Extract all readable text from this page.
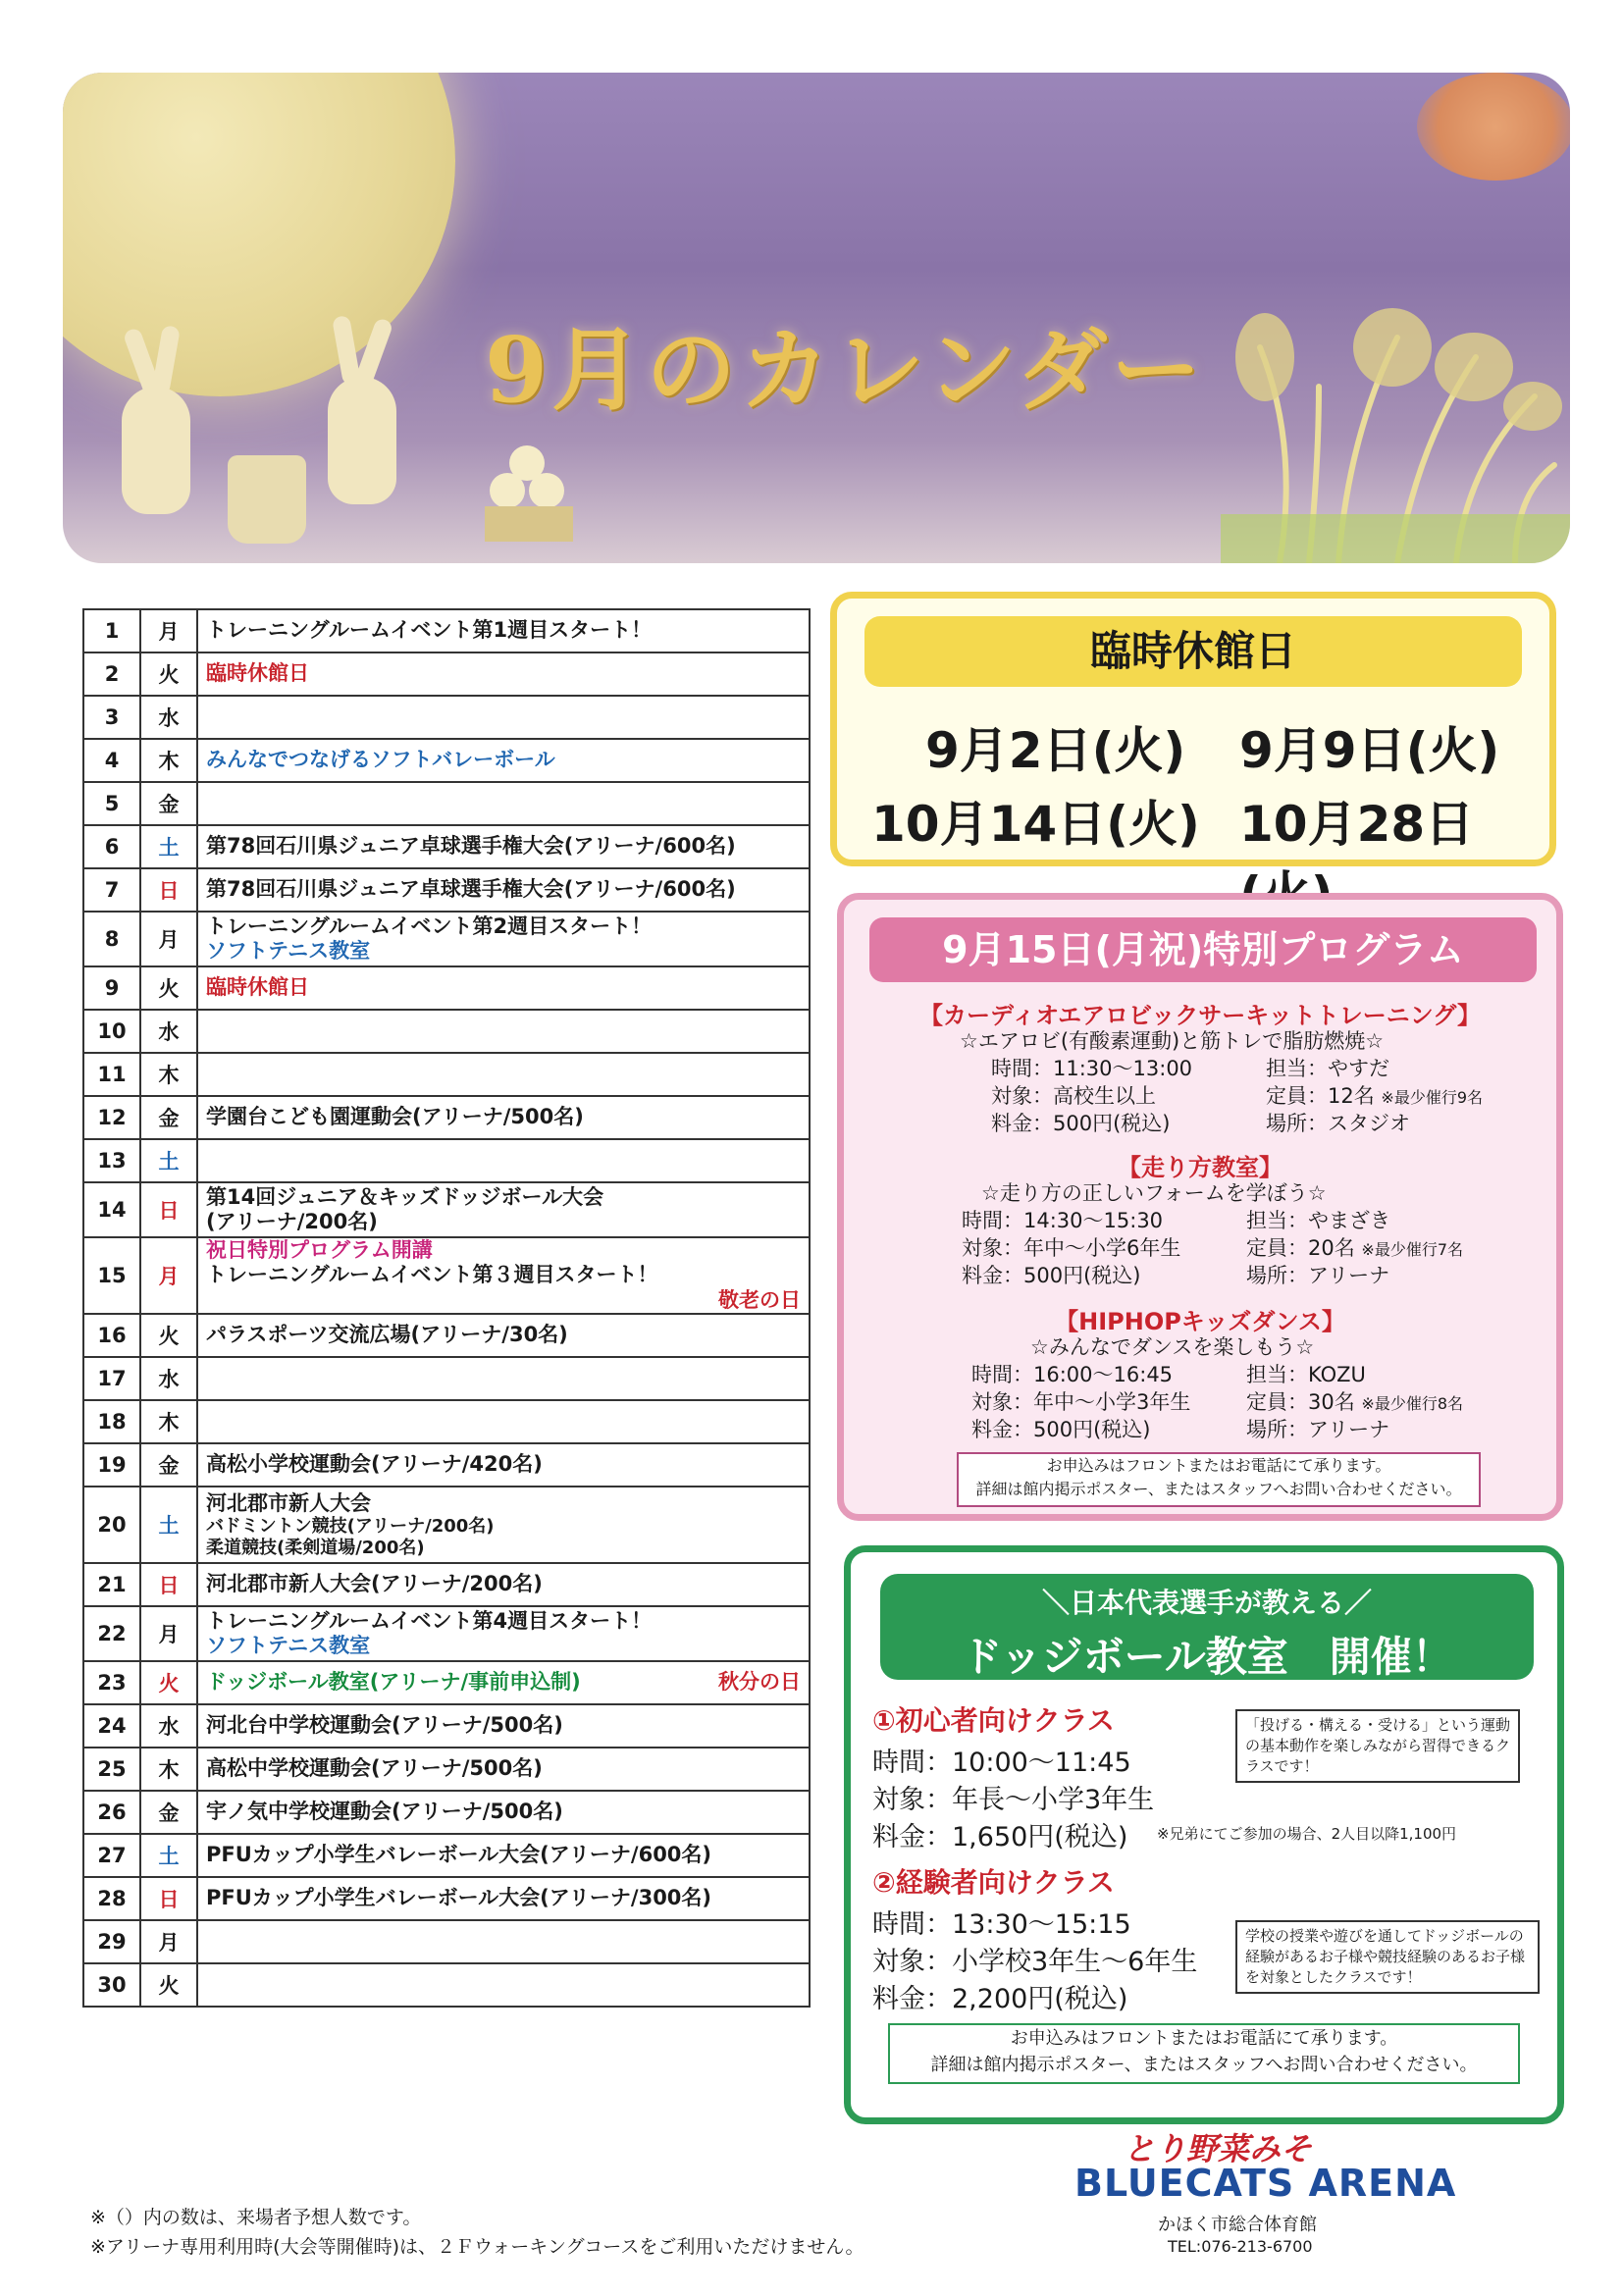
9月のカレンダー
1	月	トレーニングルームイベント第1週目スタート！

2	火	臨時休館日

3	水	
4	木	みんなでつなげるソフトバレーボール

5	金	
6	土	第78回石川県ジュニア卓球選手権大会(アリーナ/600名)

7	日	第78回石川県ジュニア卓球選手権大会(アリーナ/600名)

8	月	トレーニングルームイベント第2週目スタート！
ソフトテニス教室

9	火	臨時休館日

10	水	
11	木	
12	金	学園台こども園運動会(アリーナ/500名)

13	土	
14	日	第14回ジュニア＆キッズドッジボール大会
(アリーナ/200名)

15	月	祝日特別プログラム開講
トレーニングルームイベント第３週目スタート！
敬老の日

16	火	パラスポーツ交流広場(アリーナ/30名)

17	水	
18	木	
19	金	高松小学校運動会(アリーナ/420名)

20	土	河北郡市新人大会
バドミントン競技(アリーナ/200名)
柔道競技(柔剣道場/200名)

21	日	河北郡市新人大会(アリーナ/200名)

22	月	トレーニングルームイベント第4週目スタート！
ソフトテニス教室

23	火	ドッジボール教室(アリーナ/事前申込制) 秋分の日

24	水	河北台中学校運動会(アリーナ/500名)

25	木	高松中学校運動会(アリーナ/500名)

26	金	宇ノ気中学校運動会(アリーナ/500名)

27	土	PFUカップ小学生バレーボール大会(アリーナ/600名)

28	日	PFUカップ小学生バレーボール大会(アリーナ/300名)

29	月	
30	火	
臨時休館日
9月2日(火) 9月9日(火)
10月14日(火) 10月28日
9月15日(月祝)特別プログラム
【カーディオエアロビックサーキットトレーニング】
☆エアロビ(有酸素運動)と筋トレで脂肪燃焼☆
時間：11:30～13:00
対象：高校生以上
料金：500円(税込)
担当：やすだ
定員：12名 ※最少催行9名
場所：スタジオ
【走り方教室】
☆走り方の正しいフォームを学ぼう☆
時間：14:30～15:30
対象：年中～小学6年生
料金：500円(税込)
担当：やまざき
定員：20名 ※最少催行7名
場所：アリーナ
【HIPHOPキッズダンス】
☆みんなでダンスを楽しもう☆
時間：16:00～16:45
対象：年中～小学3年生
料金：500円(税込)
担当：KOZU
定員：30名 ※最少催行8名
場所：アリーナ
お申込みはフロントまたはお電話にて承ります。
詳細は館内掲示ポスター、またはスタッフへお問い合わせください。
＼日本代表選手が教える／
ドッジボール教室　開催！
①初心者向けクラス
時間：10:00～11:45
対象：年長～小学3年生
料金：1,650円(税込) ※兄弟にてご参加の場合、2人目以降1,100円
「投げる・構える・受ける」という運動の基本動作を楽しみながら習得できるクラスです！
②経験者向けクラス
時間：13:30～15:15
対象：小学校3年生～6年生
料金：2,200円(税込)
学校の授業や遊びを通してドッジボールの経験があるお子様や競技経験のあるお子様を対象としたクラスです！
お申込みはフロントまたはお電話にて承ります。
詳細は館内掲示ポスター、またはスタッフへお問い合わせください。
※（）内の数は、来場者予想人数です。
※アリーナ専用利用時(大会等開催時)は、２Ｆウォーキングコースをご利用いただけません。
とり野菜みそ
BLUECATS ARENA
かほく市総合体育館
TEL:076-213-6700
